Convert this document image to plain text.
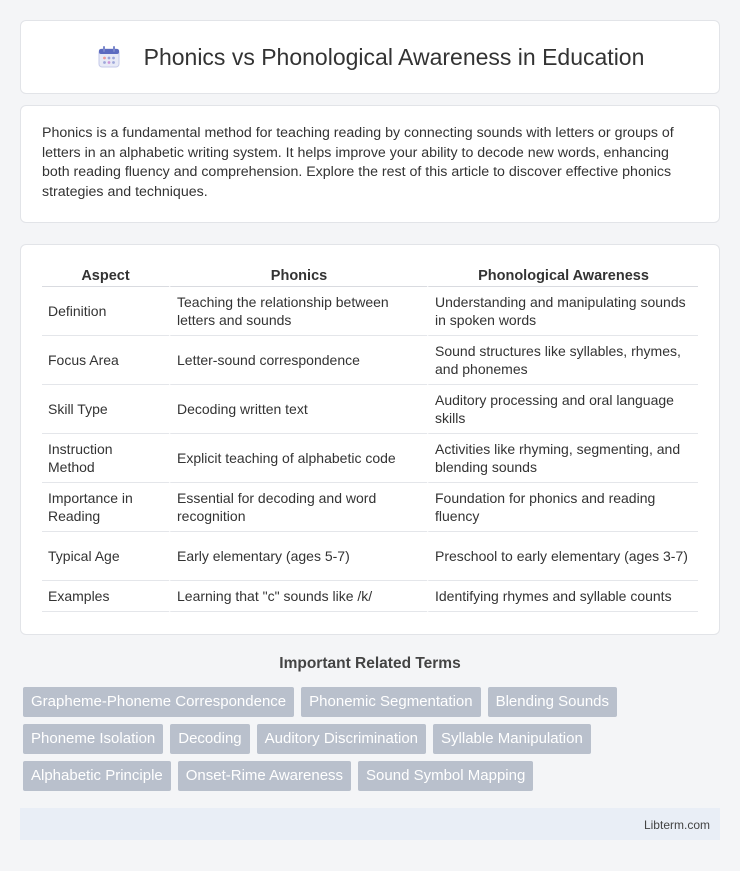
Phonics vs Phonological Awareness in Education

Phonics is a fundamental method for teaching reading by connecting sounds with letters or groups of letters in an alphabetic writing system. It helps improve your ability to decode new words, enhancing both reading fluency and comprehension. Explore the rest of this article to discover effective phonics strategies and techniques.

Aspect	Phonics	Phonological Awareness
Definition	Teaching the relationship between letters and sounds	Understanding and manipulating sounds in spoken words
Focus Area	Letter-sound correspondence	Sound structures like syllables, rhymes, and phonemes
Skill Type	Decoding written text	Auditory processing and oral language skills
Instruction Method	Explicit teaching of alphabetic code	Activities like rhyming, segmenting, and blending sounds
Importance in Reading	Essential for decoding and word recognition	Foundation for phonics and reading fluency
Typical Age	Early elementary (ages 5-7)	Preschool to early elementary (ages 3-7)
Examples	Learning that "c" sounds like /k/	Identifying rhymes and syllable counts
Important Related Terms
Grapheme-Phoneme Correspondence	Phonemic Segmentation	Blending Sounds
Phoneme Isolation	Decoding	Auditory Discrimination	Syllable Manipulation
Alphabetic Principle	Onset-Rime Awareness	Sound Symbol Mapping
Libterm.com
